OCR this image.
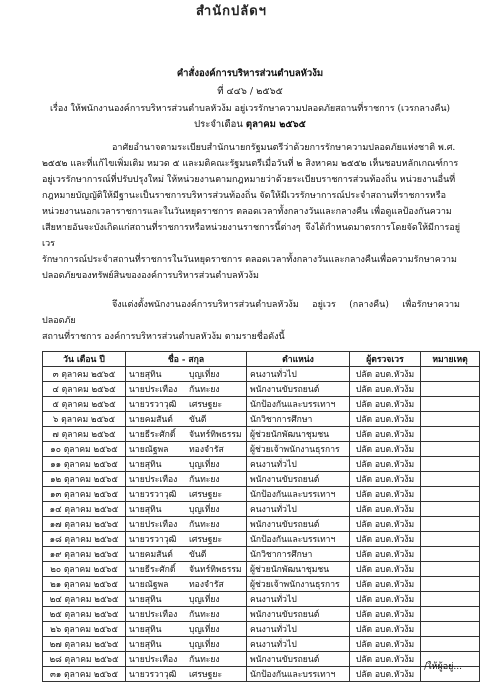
สำนักปลัดฯ
คำสั่งองค์การบริหารส่วนตำบลหัวง้ม
ที่ ๔๔๖ / ๒๕๖๕
เรื่อง ให้พนักงานองค์การบริหารส่วนตำบลหัวง้ม อยู่เวรรักษาความปลอดภัยสถานที่ราชการ (เวรกลางคืน)
ประจำเดือน ตุลาคม ๒๕๖๕
อาศัยอำนาจตามระเบียบสำนักนายกรัฐมนตรีว่าด้วยการรักษาความปลอดภัยแห่งชาติ พ.ศ.
๒๕๕๒ และที่แก้ไขเพิ่มเติม หมวด ๕ และมติคณะรัฐมนตรีเมื่อวันที่ ๒ สิงหาคม ๒๕๕๒ เห็นชอบหลักเกณฑ์การ
อยู่เวรรักษาการณ์ที่ปรับปรุงใหม่ ให้หน่วยงานตามกฎหมายว่าด้วยระเบียบราชการส่วนท้องถิ่น หน่วยงานอื่นที่
กฎหมายบัญญัติให้มีฐานะเป็นราชการบริหารส่วนท้องถิ่น จัดให้มีเวรรักษาการณ์ประจำสถานที่ราชการหรือ
หน่วยงานนอกเวลาราชการและในวันหยุดราชการ ตลอดเวลาทั้งกลางวันและกลางคืน เพื่อดูแลป้องกันความ
เสียหายอันจะบังเกิดแก่สถานที่ราชการหรือหน่วยงานราชการนี้ต่างๆ จึงได้กำหนดมาตรการโดยจัดให้มีการอยู่เวร
รักษาการณ์ประจำสถานที่ราชการในวันหยุดราชการ ตลอดเวลาทั้งกลางวันและกลางคืนเพื่อความรักษาความ
ปลอดภัยของทรัพย์สินขององค์การบริหารส่วนตำบลหัวง้ม
จึงแต่งตั้งพนักงานองค์การบริหารส่วนตำบลหัวง้ม อยู่เวร (กลางคืน) เพื่อรักษาความปลอดภัย
สถานที่ราชการ องค์การบริหารส่วนตำบลหัวง้ม ตามรายชื่อดังนี้
วัน เดือน ปี	ชื่อ - สกุล		ตำแหน่ง	ผู้ตรวจเวร	หมายเหตุ
๓ ตุลาคม ๒๕๖๕	นายสุทิน	บุญเที่ยง	คนงานทั่วไป	ปลัด อบต.หัวง้ม	
๔ ตุลาคม ๒๕๖๕	นายประเทือง	กันทะยง	พนักงานขับรถยนต์	ปลัด อบต.หัวง้ม	
๕ ตุลาคม ๒๕๖๕	นายวรวาวุฒิ	เศรษฐยะ	นักป้องกันและบรรเทาฯ	ปลัด อบต.หัวง้ม	
๖ ตุลาคม ๒๕๖๕	นายคมสันต์	ขันตี	นักวิชาการศึกษา	ปลัด อบต.หัวง้ม	
๗ ตุลาคม ๒๕๖๕	นายธีระศักดิ์	จันทร์ทิพธรรม	ผู้ช่วยนักพัฒนาชุมชน	ปลัด อบต.หัวง้ม	
๑๐ ตุลาคม ๒๕๖๕	นายณัฐพล	ทองจำรัส	ผู้ช่วยเจ้าพนักงานธุรการ	ปลัด อบต.หัวง้ม	
๑๑ ตุลาคม ๒๕๖๕	นายสุทิน	บุญเที่ยง	คนงานทั่วไป	ปลัด อบต.หัวง้ม	
๑๒ ตุลาคม ๒๕๖๕	นายประเทือง	กันทะยง	พนักงานขับรถยนต์	ปลัด อบต.หัวง้ม	
๑๓ ตุลาคม ๒๕๖๕	นายวรวาวุฒิ	เศรษฐยะ	นักป้องกันและบรรเทาฯ	ปลัด อบต.หัวง้ม	
๑๔ ตุลาคม ๒๕๖๕	นายสุทิน	บุญเที่ยง	คนงานทั่วไป	ปลัด อบต.หัวง้ม	
๑๗ ตุลาคม ๒๕๖๕	นายประเทือง	กันทะยง	พนักงานขับรถยนต์	ปลัด อบต.หัวง้ม	
๑๘ ตุลาคม ๒๕๖๕	นายวรวาวุฒิ	เศรษฐยะ	นักป้องกันและบรรเทาฯ	ปลัด อบต.หัวง้ม	
๑๙ ตุลาคม ๒๕๖๕	นายคมสันต์	ขันตี	นักวิชาการศึกษา	ปลัด อบต.หัวง้ม	
๒๐ ตุลาคม ๒๕๖๕	นายธีระศักดิ์	จันทร์ทิพธรรม	ผู้ช่วยนักพัฒนาชุมชน	ปลัด อบต.หัวง้ม	
๒๑ ตุลาคม ๒๕๖๕	นายณัฐพล	ทองจำรัส	ผู้ช่วยเจ้าพนักงานธุรการ	ปลัด อบต.หัวง้ม	
๒๔ ตุลาคม ๒๕๖๕	นายสุทิน	บุญเที่ยง	คนงานทั่วไป	ปลัด อบต.หัวง้ม	
๒๕ ตุลาคม ๒๕๖๕	นายประเทือง	กันทะยง	พนักงานขับรถยนต์	ปลัด อบต.หัวง้ม	
๒๖ ตุลาคม ๒๕๖๕	นายสุทิน	บุญเที่ยง	คนงานทั่วไป	ปลัด อบต.หัวง้ม	
๒๗ ตุลาคม ๒๕๖๕	นายสุทิน	บุญเที่ยง	คนงานทั่วไป	ปลัด อบต.หัวง้ม	
๒๘ ตุลาคม ๒๕๖๕	นายประเทือง	กันทะยง	พนักงานขับรถยนต์	ปลัด อบต.หัวง้ม	
๓๑ ตุลาคม ๒๕๖๕	นายวรวาวุฒิ	เศรษฐยะ	นักป้องกันและบรรเทาฯ	ปลัด อบต.หัวง้ม	
/ให้ผู้อยู่...
